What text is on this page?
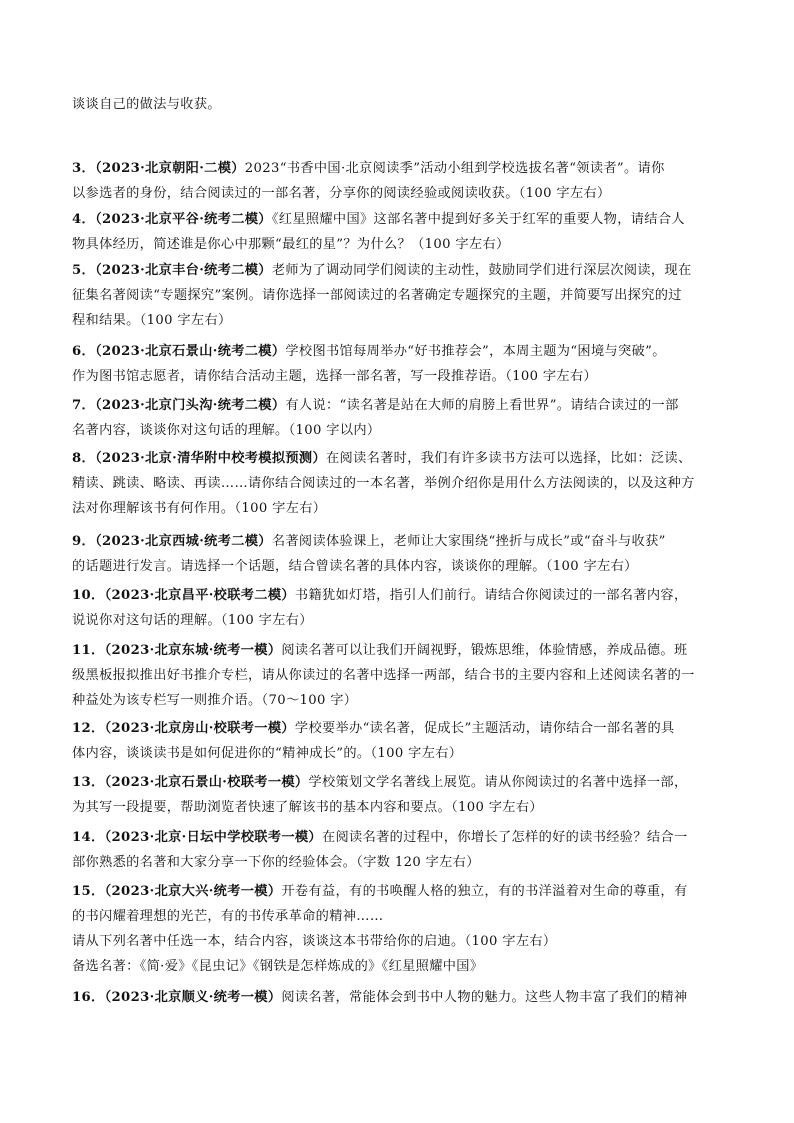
谈谈自己的做法与收获。
3．（2023·北京朝阳·二模）2023“书香中国·北京阅读季”活动小组到学校选拔名著“领读者”。请你
以参选者的身份，结合阅读过的一部名著，分享你的阅读经验或阅读收获。（100 字左右）
4．（2023·北京平谷·统考二模）《红星照耀中国》这部名著中提到好多关于红军的重要人物，请结合人
物具体经历，简述谁是你心中那颗“最红的星”？为什么？（100 字左右）
5．（2023·北京丰台·统考二模）老师为了调动同学们阅读的主动性，鼓励同学们进行深层次阅读，现在
征集名著阅读“专题探究”案例。请你选择一部阅读过的名著确定专题探究的主题，并简要写出探究的过
程和结果。（100 字左右）
6．（2023·北京石景山·统考二模）学校图书馆每周举办“好书推荐会”，本周主题为“困境与突破”。
作为图书馆志愿者，请你结合活动主题，选择一部名著，写一段推荐语。（100 字左右）
7．（2023·北京门头沟·统考二模）有人说：“读名著是站在大师的肩膀上看世界”。请结合读过的一部
名著内容，谈谈你对这句话的理解。（100 字以内）
8．（2023·北京·清华附中校考模拟预测）在阅读名著时，我们有许多读书方法可以选择，比如：泛读、
精读、跳读、略读、再读……请你结合阅读过的一本名著，举例介绍你是用什么方法阅读的，以及这种方
法对你理解该书有何作用。（100 字左右）
9．（2023·北京西城·统考二模）名著阅读体验课上，老师让大家围绕“挫折与成长”或“奋斗与收获”
的话题进行发言。请选择一个话题，结合曾读名著的具体内容，谈谈你的理解。（100 字左右）
10．（2023·北京昌平·校联考二模）书籍犹如灯塔，指引人们前行。请结合你阅读过的一部名著内容，
说说你对这句话的理解。（100 字左右）
11．（2023·北京东城·统考一模）阅读名著可以让我们开阔视野，锻炼思维，体验情感，养成品德。班
级黑板报拟推出好书推介专栏，请从你读过的名著中选择一两部，结合书的主要内容和上述阅读名著的一
种益处为该专栏写一则推介语。（70～100 字）
12．（2023·北京房山·校联考一模）学校要举办“读名著，促成长”主题活动，请你结合一部名著的具
体内容，谈谈读书是如何促进你的“精神成长”的。（100 字左右）
13．（2023·北京石景山·校联考一模）学校策划文学名著线上展览。请从你阅读过的名著中选择一部，
为其写一段提要，帮助浏览者快速了解该书的基本内容和要点。（100 字左右）
14．（2023·北京·日坛中学校联考一模）在阅读名著的过程中，你增长了怎样的好的读书经验？结合一
部你熟悉的名著和大家分享一下你的经验体会。（字数 120 字左右）
15．（2023·北京大兴·统考一模）开卷有益，有的书唤醒人格的独立，有的书洋溢着对生命的尊重，有
的书闪耀着理想的光芒，有的书传承革命的精神……
请从下列名著中任选一本，结合内容，谈谈这本书带给你的启迪。（100 字左右）
备选名著：《简·爱》《昆虫记》《钢铁是怎样炼成的》《红星照耀中国》
16．（2023·北京顺义·统考一模）阅读名著，常能体会到书中人物的魅力。这些人物丰富了我们的精神
